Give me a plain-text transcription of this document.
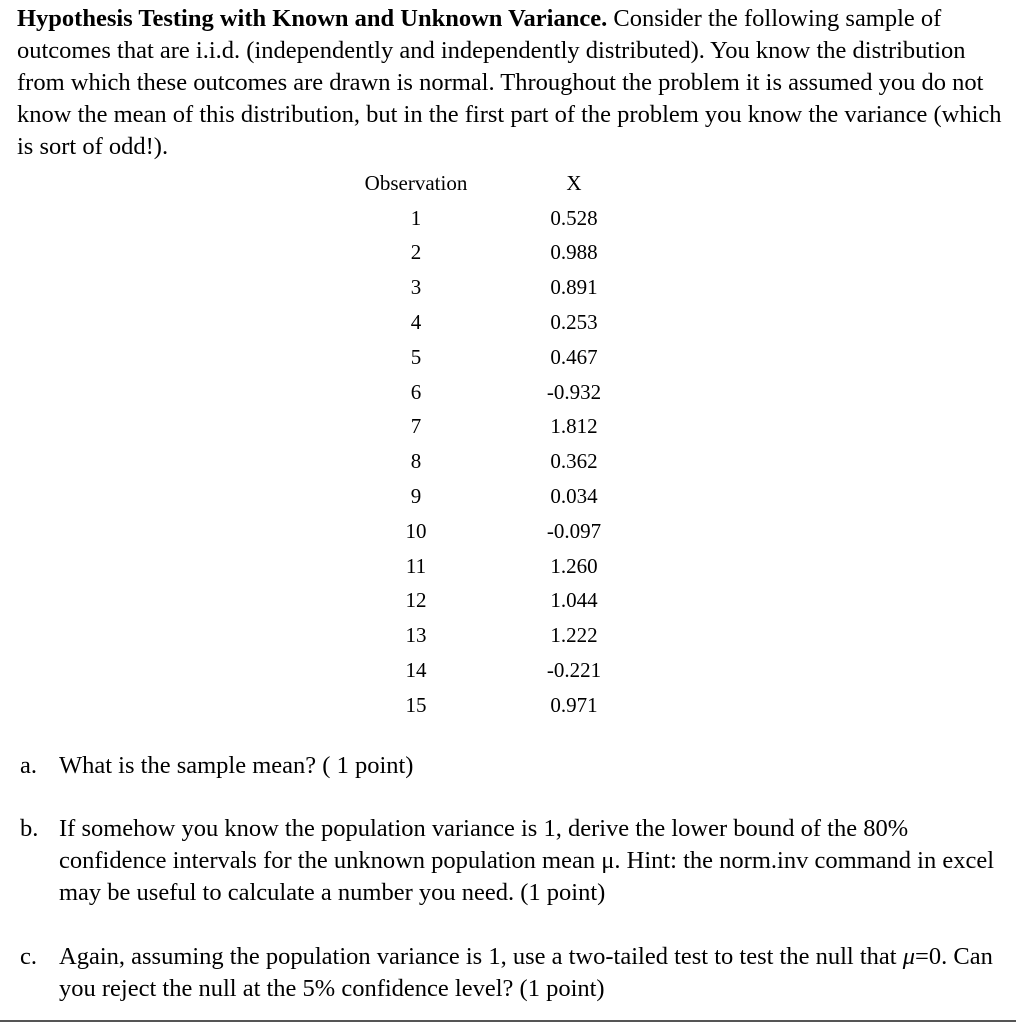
Hypothesis Testing with Known and Unknown Variance. Consider the following sample of outcomes that are i.i.d. (independently and independently distributed). You know the distribution from which these outcomes are drawn is normal. Throughout the problem it is assumed you do not know the mean of this distribution, but in the first part of the problem you know the variance (which is sort of odd!).
Observation	X
1	0.528
2	0.988
3	0.891
4	0.253
5	0.467
6	-0.932
7	1.812
8	0.362
9	0.034
10	-0.097
11	1.260
12	1.044
13	1.222
14	-0.221
15	0.971
a. What is the sample mean? ( 1 point)
b. If somehow you know the population variance is 1, derive the lower bound of the 80% confidence intervals for the unknown population mean μ. Hint: the norm.inv command in excel may be useful to calculate a number you need. (1 point)
c. Again, assuming the population variance is 1, use a two-tailed test to test the null that μ=0. Can you reject the null at the 5% confidence level? (1 point)
